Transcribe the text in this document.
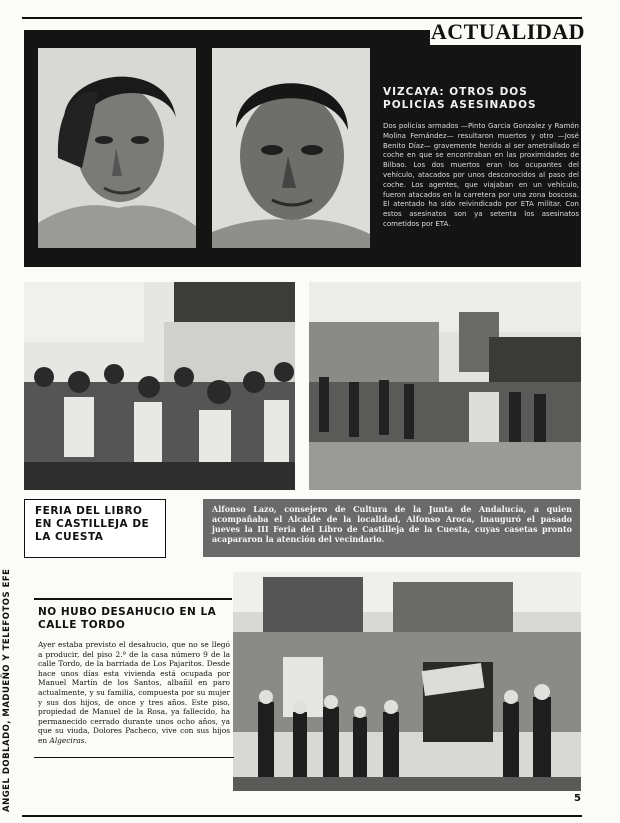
ACTUALIDAD
VIZCAYA: OTROS DOS POLICÍAS ASESINADOS
Dos policías armados —Pinto Garcia Gonzalez y Ramón Molina Fernández— resultaron muertos y otro —José Benito Díaz— gravemente herido al ser ametrallado el coche en que se encontraban en las proximidades de Bilbao. Los dos muertos eran los ocupantes del vehículo, atacados por unos desconocidos al paso del coche. Los agentes, que viajaban en un vehículo, fueron atacados en la carretera por una zona boscosa. El atentado ha sido reivindicado por ETA militar. Con estos asesinatos son ya setenta los asesinatos cometidos por ETA.
FERIA DEL LIBRO EN CASTILLEJA DE LA CUESTA
Alfonso Lazo, consejero de Cultura de la Junta de Andalucía, a quien acompañaba el Alcalde de la localidad, Alfonso Aroca, inauguró el pasado jueves la III Feria del Libro de Castilleja de la Cuesta, cuyas casetas pronto acapararon la atención del vecindario.
NO HUBO DESAHUCIO EN LA CALLE TORDO
Ayer estaba previsto el desahucio, que no se llegó a producir, del piso 2.º de la casa número 9 de la calle Tordo, de la barriada de Los Pajaritos. Desde hace unos días esta vivienda está ocupada por Manuel Martín de los Santos, albañil en paro actualmente, y su familia, compuesta por su mujer y sus dos hijos, de once y tres años. Este piso, propiedad de Manuel de la Rosa, ya fallecido, ha permanecido cerrado durante unos ocho años, ya que su viuda, Dolores Pacheco, vive con sus hijos en Algeciras.
ANGEL DOBLADO, MADUEÑO Y TELEFOTOS EFE	5
